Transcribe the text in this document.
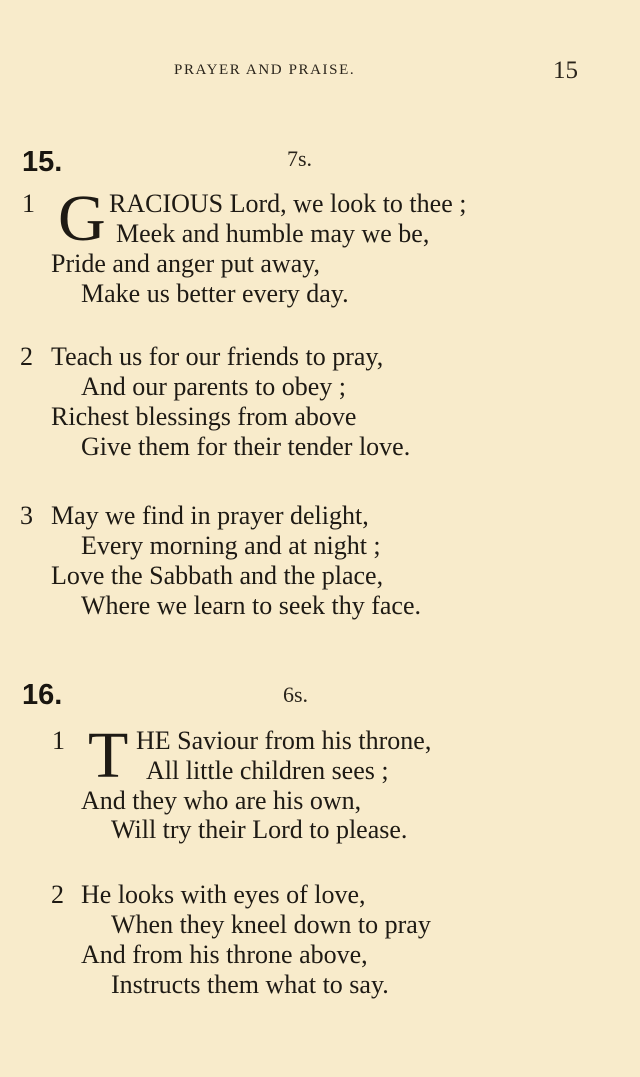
PRAYER AND PRAISE.	15
15.	7s.
1 G RACIOUS Lord, we look to thee ;
Meek and humble may we be,
Pride and anger put away,
Make us better every day.
2 Teach us for our friends to pray,
And our parents to obey ;
Richest blessings from above
Give them for their tender love.
3 May we find in prayer delight,
Every morning and at night ;
Love the Sabbath and the place,
Where we learn to seek thy face.
16.	6s.
1 T HE Saviour from his throne,
All little children sees ;
And they who are his own,
Will try their Lord to please.
2 He looks with eyes of love,
When they kneel down to pray
And from his throne above,
Instructs them what to say.
